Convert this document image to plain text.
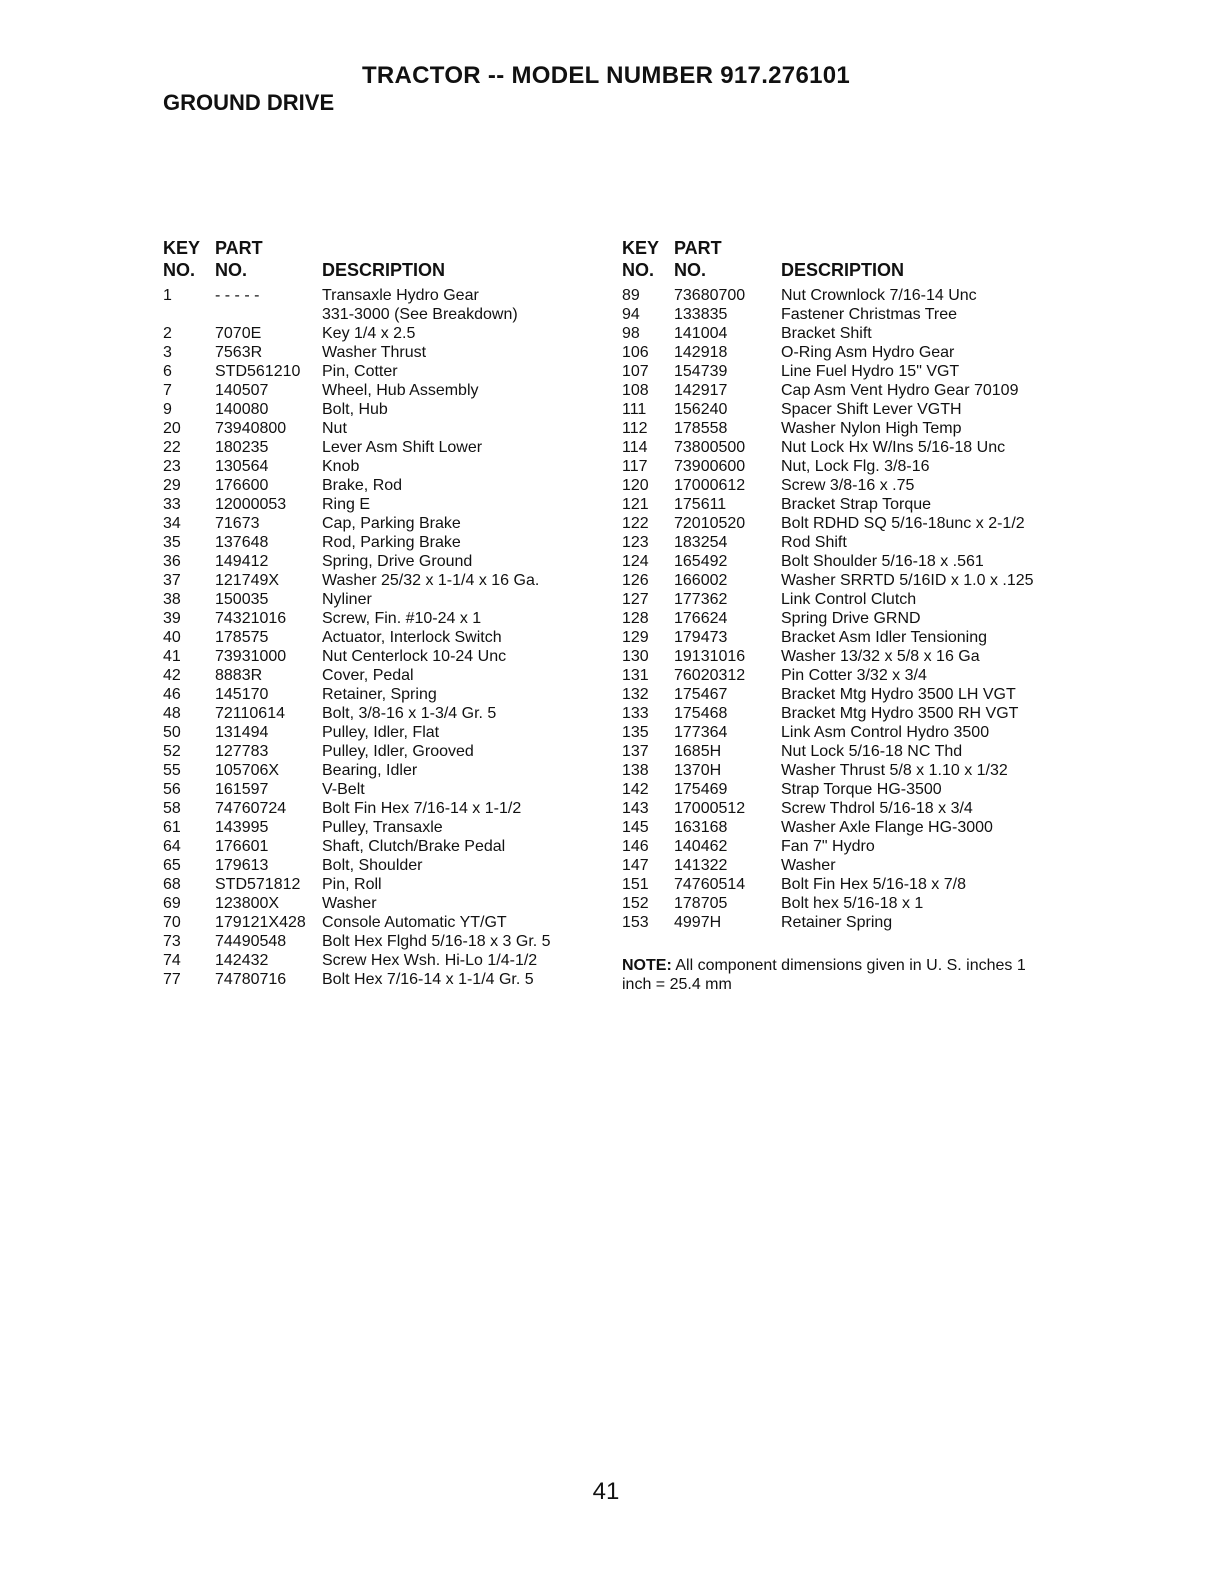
TRACTOR -- MODEL NUMBER 917.276101
GROUND DRIVE
KEY PART
NO. NO.	DESCRIPTION
1	- - - - -	Transaxle Hydro Gear
331-3000 (See Breakdown)
2	7070E	Key 1/4 x 2.5
3	7563R	Washer Thrust
6	STD561210 Pin, Cotter
7	140507	Wheel, Hub Assembly
9	140080	Bolt, Hub
20 73940800 Nut
22 180235	Lever Asm Shift Lower
23 130564	Knob
29 176600	Brake, Rod
33 12000053 Ring E
34 71673	Cap, Parking Brake
35 137648	Rod, Parking Brake
36 149412	Spring, Drive Ground
37 121749X	Washer 25/32 x 1-1/4 x 16 Ga.
38 150035	Nyliner
39 74321016 Screw, Fin. #10-24 x 1
40 178575	Actuator, Interlock Switch
41 73931000 Nut Centerlock 10-24 Unc
42 8883R	Cover, Pedal
46 145170	Retainer, Spring
48 72110614 Bolt, 3/8-16 x 1-3/4 Gr. 5
50 131494	Pulley, Idler, Flat
52 127783	Pulley, Idler, Grooved
55 105706X	Bearing, Idler
56 161597	V-Belt
58 74760724 Bolt Fin Hex 7/16-14 x 1-1/2
61 143995	Pulley, Transaxle
64 176601	Shaft, Clutch/Brake Pedal
65 179613	Bolt, Shoulder
68 STD571812 Pin, Roll
69 123800X	Washer
70 179121X428 Console Automatic YT/GT
73 74490548 Bolt Hex Flghd 5/16-18 x 3 Gr. 5
74 142432	Screw Hex Wsh. Hi-Lo 1/4-1/2
77 74780716 Bolt Hex 7/16-14 x 1-1/4 Gr. 5
KEY PART
NO. NO.	DESCRIPTION
89 73680700 Nut Crownlock 7/16-14 Unc
94 133835	Fastener Christmas Tree
98 141004	Bracket Shift
106 142918	O-Ring Asm Hydro Gear
107 154739	Line Fuel Hydro 15" VGT
108 142917	Cap Asm Vent Hydro Gear 70109
111 156240	Spacer Shift Lever VGTH
112 178558	Washer Nylon High Temp
114 73800500 Nut Lock Hx W/Ins 5/16-18 Unc
117 73900600 Nut, Lock Flg. 3/8-16
120 17000612 Screw 3/8-16 x .75
121 175611	Bracket Strap Torque
122 72010520 Bolt RDHD SQ 5/16-18unc x 2-1/2
123 183254	Rod Shift
124 165492	Bolt Shoulder 5/16-18 x .561
126 166002	Washer SRRTD 5/16ID x 1.0 x .125
127 177362	Link Control Clutch
128 176624	Spring Drive GRND
129 179473	Bracket Asm Idler Tensioning
130 19131016 Washer 13/32 x 5/8 x 16 Ga
131 76020312 Pin Cotter 3/32 x 3/4
132 175467	Bracket Mtg Hydro 3500 LH VGT
133 175468	Bracket Mtg Hydro 3500 RH VGT
135 177364	Link Asm Control Hydro 3500
137 1685H	Nut Lock 5/16-18 NC Thd
138 1370H	Washer Thrust 5/8 x 1.10 x 1/32
142 175469	Strap Torque HG-3500
143 17000512 Screw Thdrol 5/16-18 x 3/4
145 163168	Washer Axle Flange HG-3000
146 140462	Fan 7" Hydro
147 141322	Washer
151 74760514 Bolt Fin Hex 5/16-18 x 7/8
152 178705	Bolt hex 5/16-18 x 1
153 4997H	Retainer Spring
NOTE: All component dimensions given in U. S. inches 1 inch = 25.4 mm
41
